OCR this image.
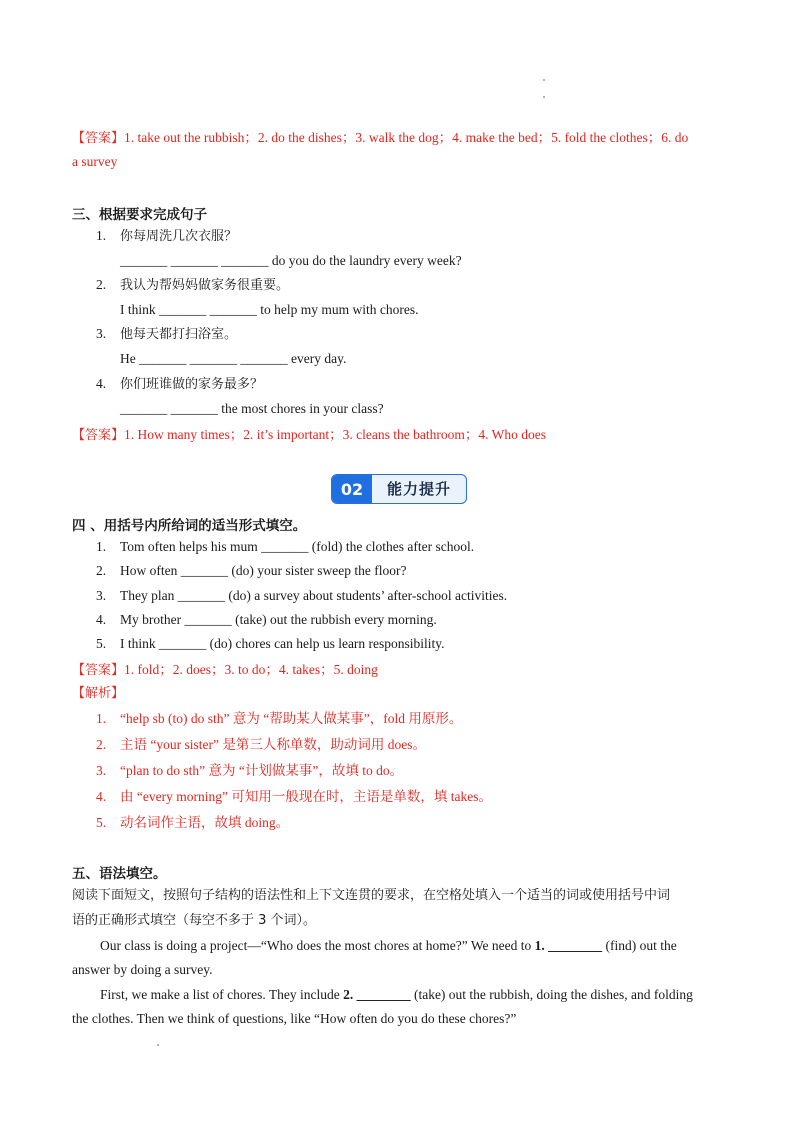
【答案】1. take out the rubbish；2. do the dishes；3. walk the dog；4. make the bed；5. fold the clothes；6. do
a survey
三、根据要求完成句子
1. 你每周洗几次衣服？
_______ _______ _______ do you do the laundry every week?
2. 我认为帮妈妈做家务很重要。
I think _______ _______ to help my mum with chores.
3. 他每天都打扫浴室。
He _______ _______ _______ every day.
4. 你们班谁做的家务最多？
_______ _______ the most chores in your class?
【答案】1. How many times；2. it’s important；3. cleans the bathroom；4. Who does
02	能力提升
四 、用括号内所给词的适当形式填空。
1. Tom often helps his mum _______ (fold) the clothes after school.
2. How often _______ (do) your sister sweep the floor?
3. They plan _______ (do) a survey about students’ after-school activities.
4. My brother _______ (take) out the rubbish every morning.
5. I think _______ (do) chores can help us learn responsibility.
【答案】1. fold；2. does；3. to do；4. takes；5. doing
【解析】
1. “help sb (to) do sth” 意为 “帮助某人做某事”，fold 用原形。
2. 主语 “your sister” 是第三人称单数，助动词用 does。
3. “plan to do sth” 意为 “计划做某事”，故填 to do。
4. 由 “every morning” 可知用一般现在时，主语是单数，填 takes。
5. 动名词作主语，故填 doing。
五、语法填空。
阅读下面短文，按照句子结构的语法性和上下文连贯的要求，在空格处填入一个适当的词或使用括号中词
语的正确形式填空（每空不多于 3 个词）。
Our class is doing a project—“Who does the most chores at home?” We need to 1. ________ (find) out the
answer by doing a survey.
First, we make a list of chores. They include 2. ________ (take) out the rubbish, doing the dishes, and folding
the clothes. Then we think of questions, like “How often do you do these chores?”
